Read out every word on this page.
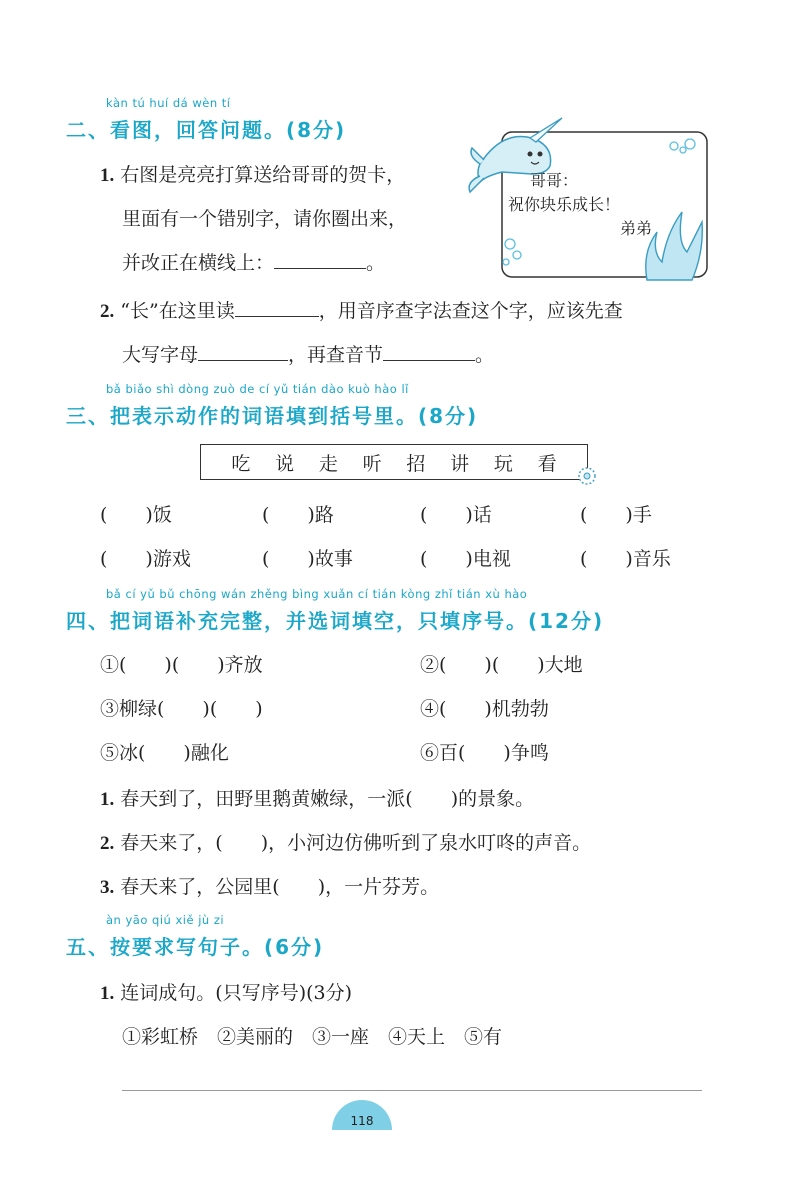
kàn tú huí dá wèn tí
二、看图，回答问题。(8分)
1. 右图是亮亮打算送给哥哥的贺卡，
里面有一个错别字，请你圈出来，
并改正在横线上：	。
哥哥：
祝你块乐成长！
弟弟
2. “长”在这里读	，用音序查字法查这个字，应该先查
大写字母	，再查音节	。
bǎ biǎo shì dòng zuò de cí yǔ tián dào kuò hào lǐ
三、把表示动作的词语填到括号里。(8分)
吃 说 走 听 招 讲 玩 看
(　　)饭	(　　)路	(　　)话	(　　)手
(　　)游戏	(　　)故事	(　　)电视	(　　)音乐
bǎ cí yǔ bǔ chōng wán zhěng bìng xuǎn cí tián kòng zhǐ tián xù hào
四、把词语补充完整，并选词填空，只填序号。(12分)
①(　　)(　　)齐放	②(　　)(　　)大地
③柳绿(　　)(　　)	④(　　)机勃勃
⑤冰(　　)融化	⑥百(　　)争鸣
1. 春天到了，田野里鹅黄嫩绿，一派(　　)的景象。
2. 春天来了，(　　)，小河边仿佛听到了泉水叮咚的声音。
3. 春天来了，公园里(　　)，一片芬芳。
àn yāo qiú xiě jù zi
五、按要求写句子。(6分)
1. 连词成句。(只写序号)(3分)
①彩虹桥　②美丽的　③一座　④天上　⑤有
118
